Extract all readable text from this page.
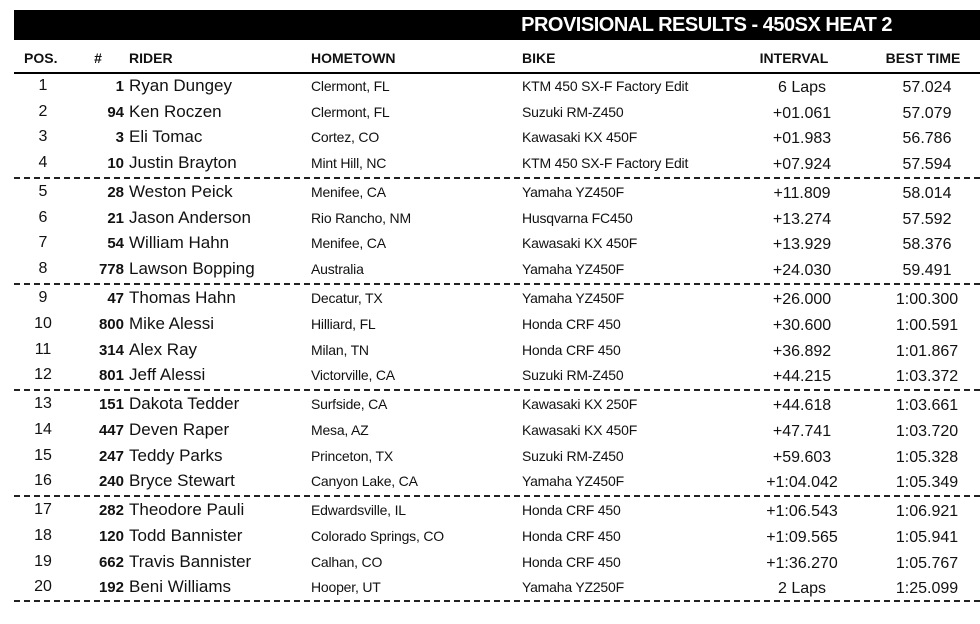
PROVISIONAL RESULTS - 450SX HEAT 2
POS.	#	RIDER	HOMETOWN	BIKE	INTERVAL	BEST TIME
1	1 Ryan Dungey	Clermont, FL	KTM 450 SX-F Factory Edit	6 Laps	57.024
2	94 Ken Roczen	Clermont, FL	Suzuki RM-Z450	+01.061	57.079
3	3 Eli Tomac	Cortez, CO	Kawasaki KX 450F	+01.983	56.786
4	10 Justin Brayton	Mint Hill, NC	KTM 450 SX-F Factory Edit	+07.924	57.594
5	28 Weston Peick	Menifee, CA	Yamaha YZ450F	+11.809	58.014
6	21 Jason Anderson	Rio Rancho, NM	Husqvarna FC450	+13.274	57.592
7	54 William Hahn	Menifee, CA	Kawasaki KX 450F	+13.929	58.376
8	778 Lawson Bopping	Australia	Yamaha YZ450F	+24.030	59.491
9	47 Thomas Hahn	Decatur, TX	Yamaha YZ450F	+26.000	1:00.300
10	800 Mike Alessi	Hilliard, FL	Honda CRF 450	+30.600	1:00.591
11	314 Alex Ray	Milan, TN	Honda CRF 450	+36.892	1:01.867
12	801 Jeff Alessi	Victorville, CA	Suzuki RM-Z450	+44.215	1:03.372
13	151 Dakota Tedder	Surfside, CA	Kawasaki KX 250F	+44.618	1:03.661
14	447 Deven Raper	Mesa, AZ	Kawasaki KX 450F	+47.741	1:03.720
15	247 Teddy Parks	Princeton, TX	Suzuki RM-Z450	+59.603	1:05.328
16	240 Bryce Stewart	Canyon Lake, CA	Yamaha YZ450F	+1:04.042	1:05.349
17	282 Theodore Pauli	Edwardsville, IL	Honda CRF 450	+1:06.543	1:06.921
18	120 Todd Bannister	Colorado Springs, CO	Honda CRF 450	+1:09.565	1:05.941
19	662 Travis Bannister	Calhan, CO	Honda CRF 450	+1:36.270	1:05.767
20	192 Beni Williams	Hooper, UT	Yamaha YZ250F	2 Laps	1:25.099
